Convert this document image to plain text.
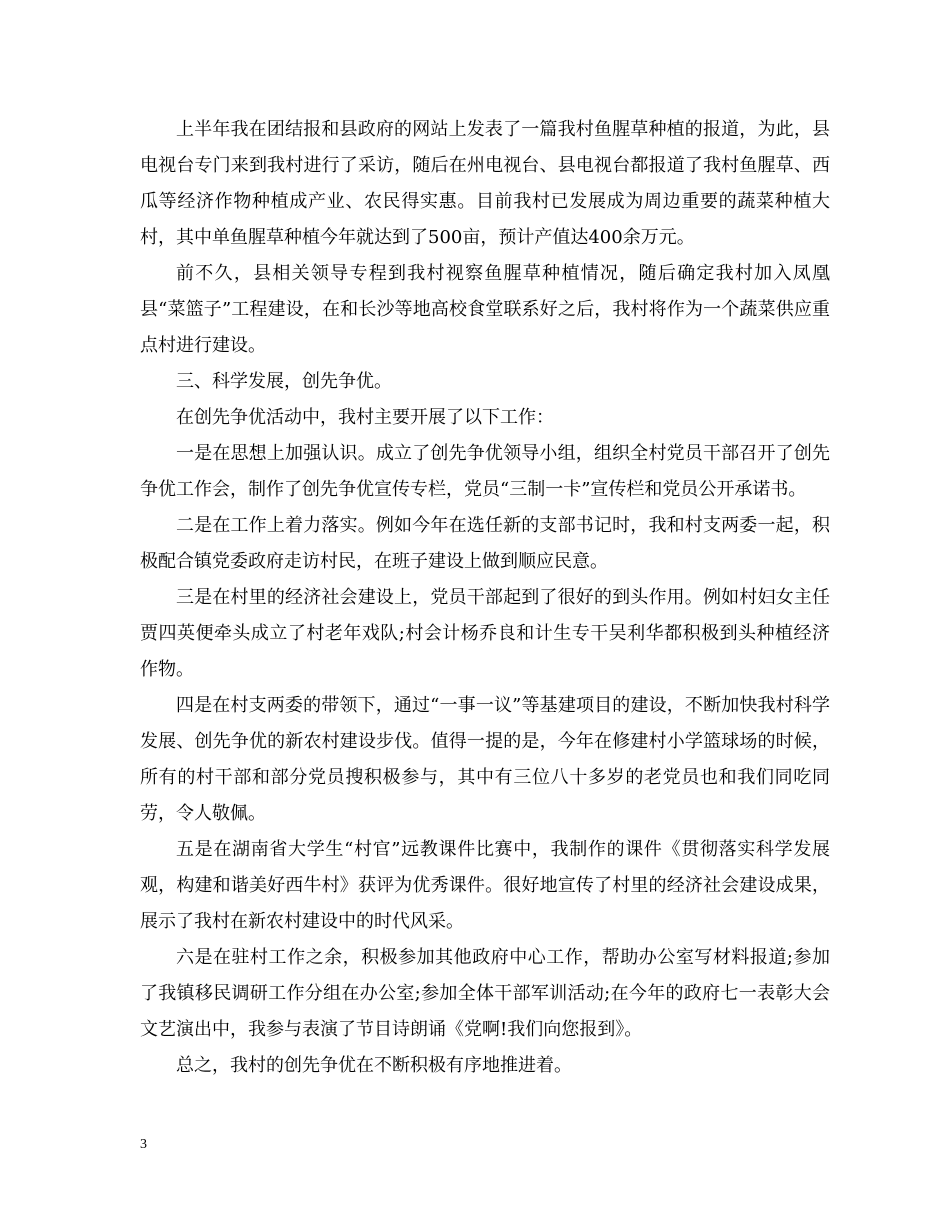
上半年我在团结报和县政府的网站上发表了一篇我村鱼腥草种植的报道，为此，县电视台专门来到我村进行了采访，随后在州电视台、县电视台都报道了我村鱼腥草、西瓜等经济作物种植成产业、农民得实惠。目前我村已发展成为周边重要的蔬菜种植大村，其中单鱼腥草种植今年就达到了500亩，预计产值达400余万元。

前不久，县相关领导专程到我村视察鱼腥草种植情况，随后确定我村加入凤凰县“菜篮子”工程建设，在和长沙等地高校食堂联系好之后，我村将作为一个蔬菜供应重点村进行建设。

三、科学发展，创先争优。

在创先争优活动中，我村主要开展了以下工作：

一是在思想上加强认识。成立了创先争优领导小组，组织全村党员干部召开了创先争优工作会，制作了创先争优宣传专栏，党员“三制一卡”宣传栏和党员公开承诺书。

二是在工作上着力落实。例如今年在选任新的支部书记时，我和村支两委一起，积极配合镇党委政府走访村民，在班子建设上做到顺应民意。

三是在村里的经济社会建设上，党员干部起到了很好的到头作用。例如村妇女主任贾四英便牵头成立了村老年戏队;村会计杨乔良和计生专干吴利华都积极到头种植经济作物。

四是在村支两委的带领下，通过“一事一议”等基建项目的建设，不断加快我村科学发展、创先争优的新农村建设步伐。值得一提的是，今年在修建村小学篮球场的时候，所有的村干部和部分党员搜积极参与，其中有三位八十多岁的老党员也和我们同吃同劳，令人敬佩。

五是在湖南省大学生“村官”远教课件比赛中，我制作的课件《贯彻落实科学发展观，构建和谐美好西牛村》获评为优秀课件。很好地宣传了村里的经济社会建设成果，展示了我村在新农村建设中的时代风采。

六是在驻村工作之余，积极参加其他政府中心工作，帮助办公室写材料报道;参加了我镇移民调研工作分组在办公室;参加全体干部军训活动;在今年的政府七一表彰大会文艺演出中，我参与表演了节目诗朗诵《党啊!我们向您报到》。

总之，我村的创先争优在不断积极有序地推进着。

3
